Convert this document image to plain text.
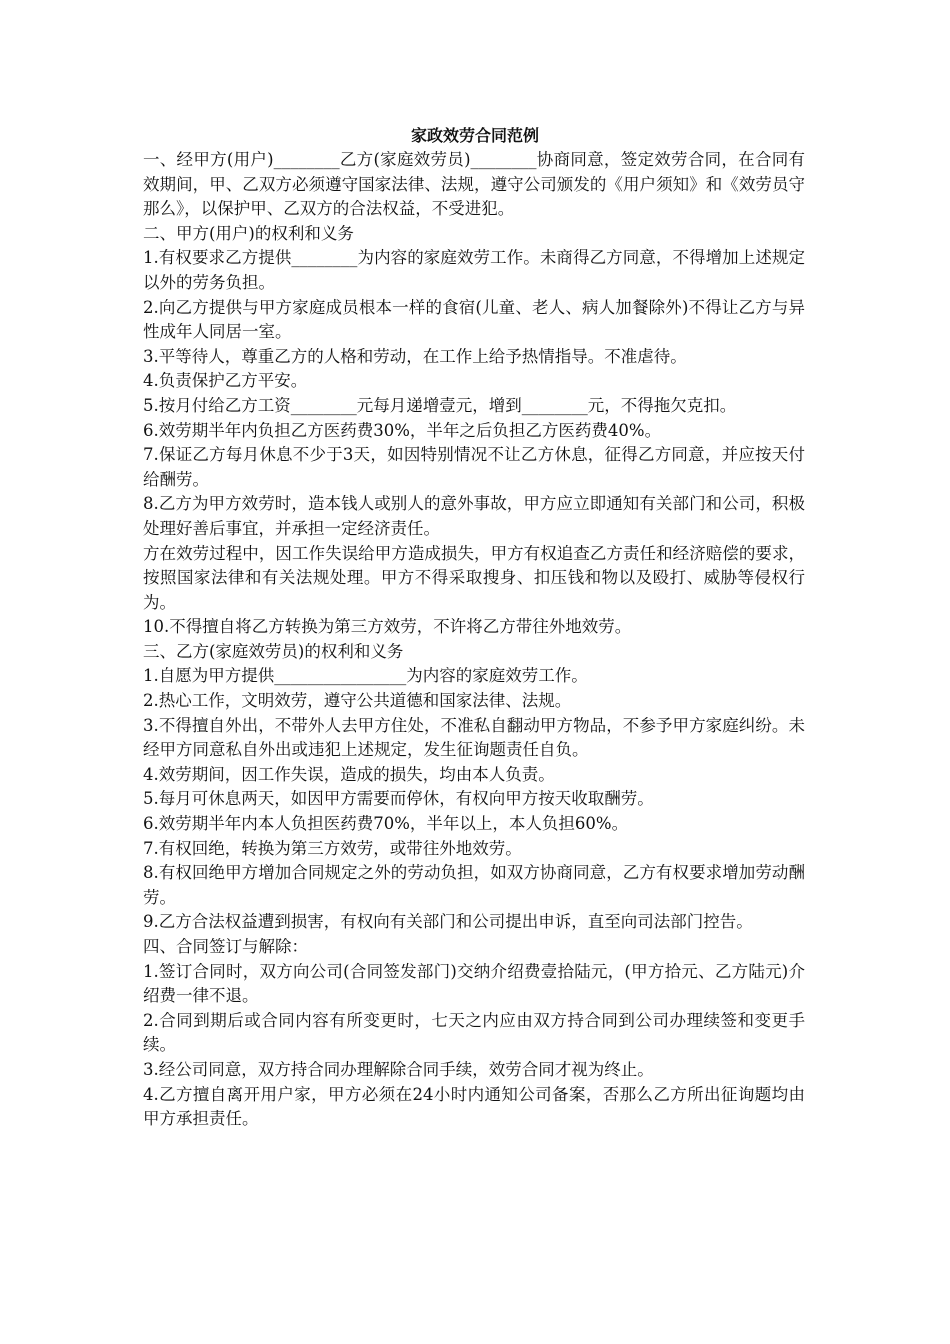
家政效劳合同范例

一、经甲方(用户)________乙方(家庭效劳员)________协商同意，签定效劳合同，在合同有效期间，甲、乙双方必须遵守国家法律、法规，遵守公司颁发的《用户须知》和《效劳员守那么》，以保护甲、乙双方的合法权益，不受进犯。

二、甲方(用户)的权利和义务

1.有权要求乙方提供________为内容的家庭效劳工作。未商得乙方同意，不得增加上述规定以外的劳务负担。

2.向乙方提供与甲方家庭成员根本一样的食宿(儿童、老人、病人加餐除外)不得让乙方与异性成年人同居一室。

3.平等待人，尊重乙方的人格和劳动，在工作上给予热情指导。不准虐待。

4.负责保护乙方平安。

5.按月付给乙方工资________元每月递增壹元，增到________元，不得拖欠克扣。

6.效劳期半年内负担乙方医药费30%，半年之后负担乙方医药费40%。

7.保证乙方每月休息不少于3天，如因特别情况不让乙方休息，征得乙方同意，并应按天付给酬劳。

8.乙方为甲方效劳时，造本钱人或别人的意外事故，甲方应立即通知有关部门和公司，积极处理好善后事宜，并承担一定经济责任。

方在效劳过程中，因工作失误给甲方造成损失，甲方有权追查乙方责任和经济赔偿的要求，按照国家法律和有关法规处理。甲方不得采取搜身、扣压钱和物以及殴打、威胁等侵权行为。

10.不得擅自将乙方转换为第三方效劳，不许将乙方带往外地效劳。

三、乙方(家庭效劳员)的权利和义务

1.自愿为甲方提供________________为内容的家庭效劳工作。

2.热心工作，文明效劳，遵守公共道德和国家法律、法规。

3.不得擅自外出，不带外人去甲方住处，不准私自翻动甲方物品，不参予甲方家庭纠纷。未经甲方同意私自外出或违犯上述规定，发生征询题责任自负。

4.效劳期间，因工作失误，造成的损失，均由本人负责。

5.每月可休息两天，如因甲方需要而停休，有权向甲方按天收取酬劳。

6.效劳期半年内本人负担医药费70%，半年以上，本人负担60%。

7.有权回绝，转换为第三方效劳，或带往外地效劳。

8.有权回绝甲方增加合同规定之外的劳动负担，如双方协商同意，乙方有权要求增加劳动酬劳。

9.乙方合法权益遭到损害，有权向有关部门和公司提出申诉，直至向司法部门控告。

四、合同签订与解除：

1.签订合同时，双方向公司(合同签发部门)交纳介绍费壹拾陆元，(甲方拾元、乙方陆元)介绍费一律不退。

2.合同到期后或合同内容有所变更时，七天之内应由双方持合同到公司办理续签和变更手续。

3.经公司同意，双方持合同办理解除合同手续，效劳合同才视为终止。

4.乙方擅自离开用户家，甲方必须在24小时内通知公司备案，否那么乙方所出征询题均由甲方承担责任。
